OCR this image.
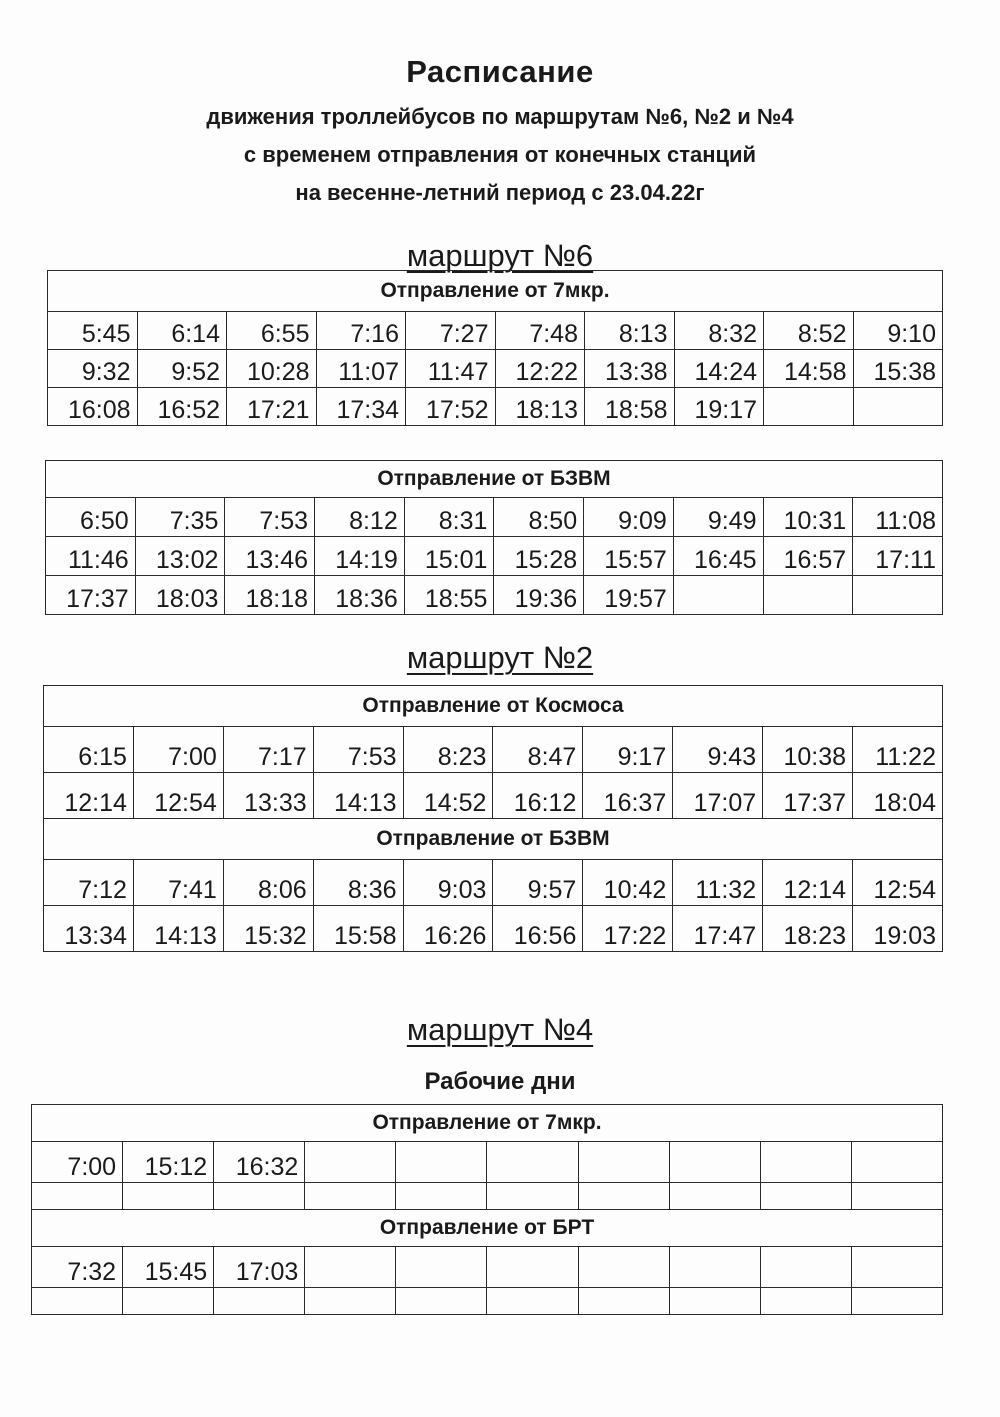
Расписание
движения троллейбусов по маршрутам №6, №2 и №4
с временем отправления от конечных станций
на весенне-летний период с 23.04.22г
маршрут №6
Отправление от 7мкр.									
5:45	6:14	6:55	7:16	7:27	7:48	8:13	8:32	8:52	9:10
9:32	9:52	10:28	11:07	11:47	12:22	13:38	14:24	14:58	15:38
16:08	16:52	17:21	17:34	17:52	18:13	18:58	19:17		
Отправление от БЗВМ									
6:50	7:35	7:53	8:12	8:31	8:50	9:09	9:49	10:31	11:08
11:46	13:02	13:46	14:19	15:01	15:28	15:57	16:45	16:57	17:11
17:37	18:03	18:18	18:36	18:55	19:36	19:57			
маршрут №2
Отправление от Космоса									
6:15	7:00	7:17	7:53	8:23	8:47	9:17	9:43	10:38	11:22
12:14	12:54	13:33	14:13	14:52	16:12	16:37	17:07	17:37	18:04
Отправление от БЗВМ									
7:12	7:41	8:06	8:36	9:03	9:57	10:42	11:32	12:14	12:54
13:34	14:13	15:32	15:58	16:26	16:56	17:22	17:47	18:23	19:03
маршрут №4
Рабочие дни
Отправление от 7мкр.									
7:00	15:12	16:32							

Отправление от БРТ									
7:32	15:45	17:03							
